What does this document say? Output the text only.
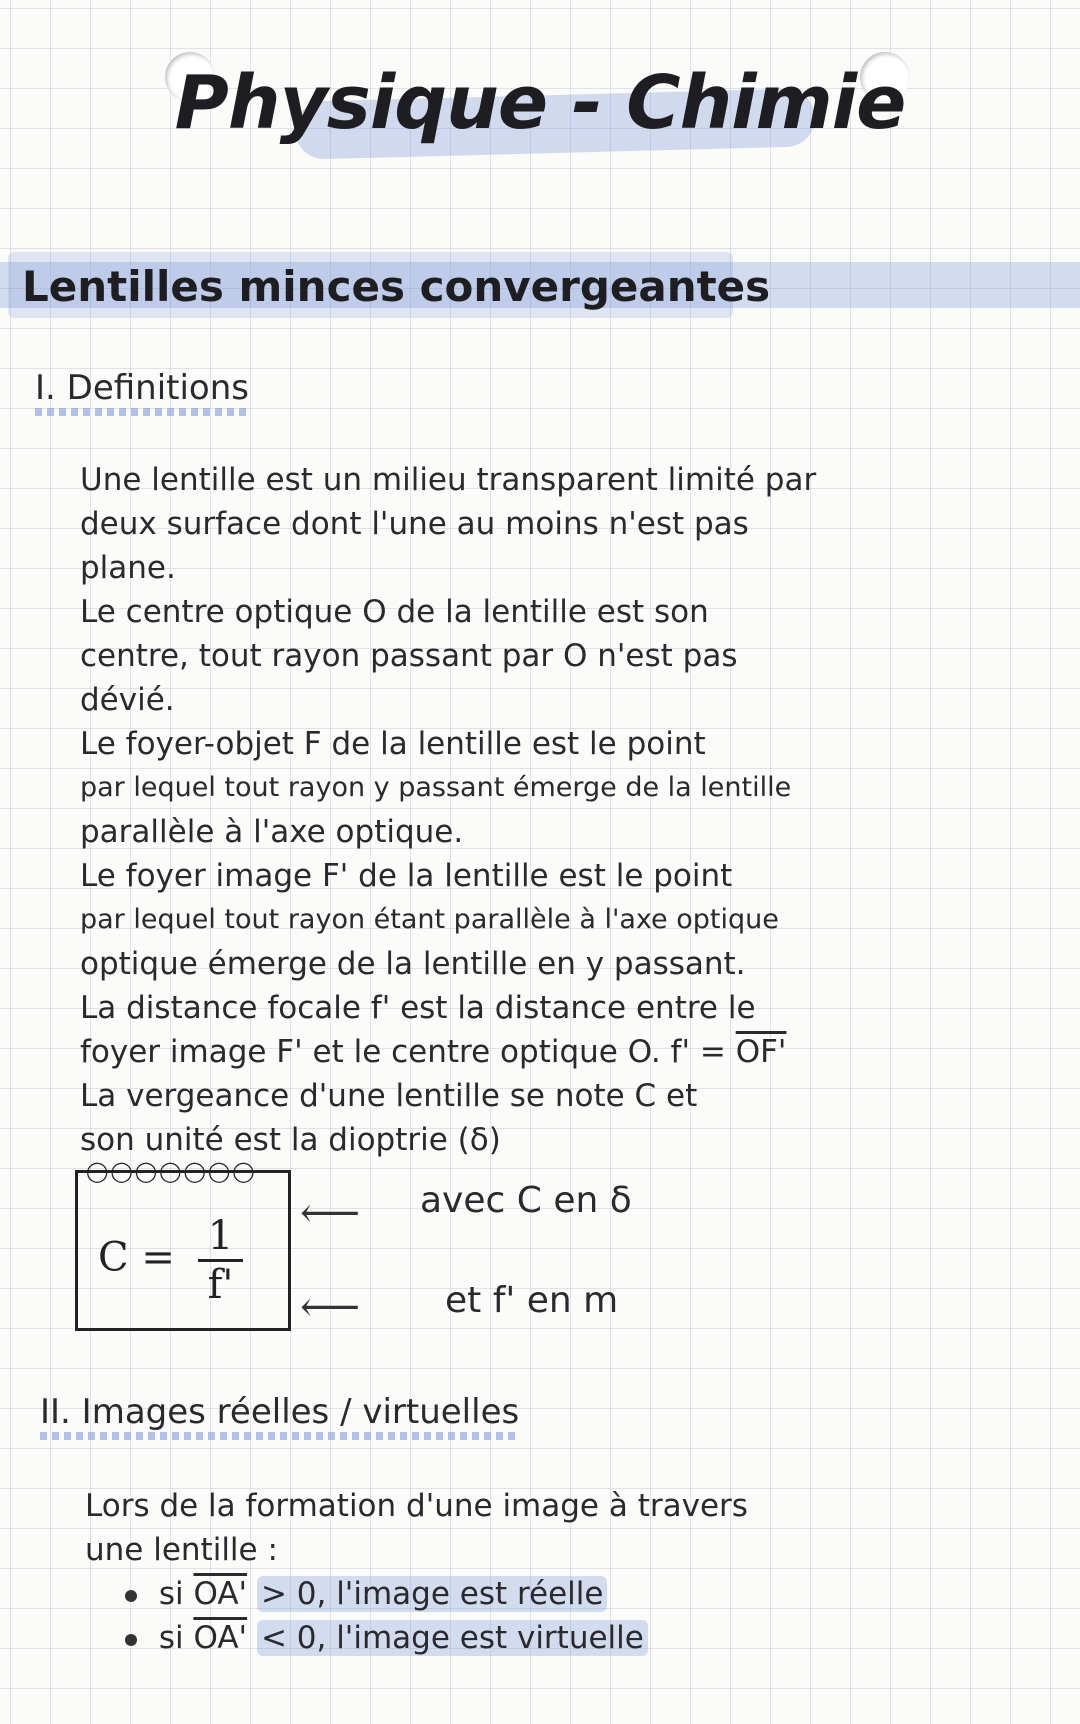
Physique - Chimie
Lentilles minces convergeantes
I. Definitions
Une lentille est un milieu transparent limité par
deux surface dont l'une au moins n'est pas
plane.
Le centre optique O de la lentille est son
centre, tout rayon passant par O n'est pas
dévié.
Le foyer-objet F de la lentille est le point
par lequel tout rayon y passant émerge de la lentille
parallèle à l'axe optique.
Le foyer image F' de la lentille est le point
par lequel tout rayon étant parallèle à l'axe optique
optique émerge de la lentille en y passant.
La distance focale f' est la distance entre le
foyer image F' et le centre optique O. f' = OF'
La vergeance d'une lentille se note C et
son unité est la dioptrie (δ)
◯◯◯◯◯◯◯
$C = \frac{1}{f'}$
⟵ avec C en δ
⟵ et f' en m
II. Images réelles / virtuelles
Lors de la formation d'une image à travers
une lentille :
si OA' > 0, l'image est réelle
si OA' < 0, l'image est virtuelle
